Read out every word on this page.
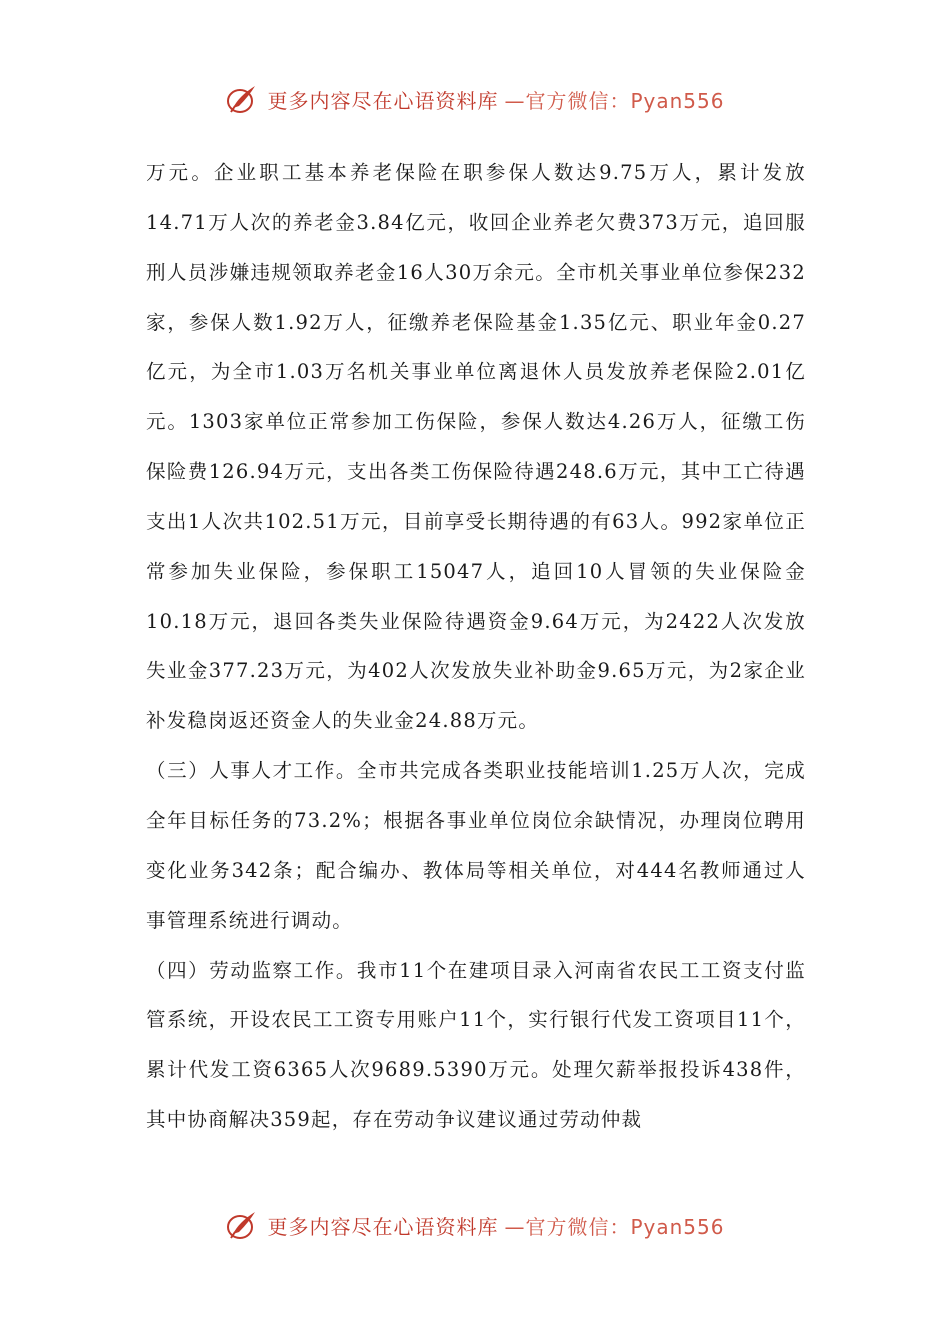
更多内容尽在心语资料库 —官方微信：Pyan556

万元。企业职工基本养老保险在职参保人数达9.75万人，累计发放14.71万人次的养老金3.84亿元，收回企业养老欠费373万元，追回服刑人员涉嫌违规领取养老金16人30万余元。全市机关事业单位参保232家，参保人数1.92万人，征缴养老保险基金1.35亿元、职业年金0.27亿元，为全市1.03万名机关事业单位离退休人员发放养老保险2.01亿元。1303家单位正常参加工伤保险，参保人数达4.26万人，征缴工伤保险费126.94万元，支出各类工伤保险待遇248.6万元，其中工亡待遇支出1人次共102.51万元，目前享受长期待遇的有63人。992家单位正常参加失业保险，参保职工15047人，追回10人冒领的失业保险金10.18万元，退回各类失业保险待遇资金9.64万元，为2422人次发放失业金377.23万元，为402人次发放失业补助金9.65万元，为2家企业补发稳岗返还资金人的失业金24.88万元。

（三）人事人才工作。全市共完成各类职业技能培训1.25万人次，完成全年目标任务的73.2%；根据各事业单位岗位余缺情况，办理岗位聘用变化业务342条；配合编办、教体局等相关单位，对444名教师通过人事管理系统进行调动。

（四）劳动监察工作。我市11个在建项目录入河南省农民工工资支付监管系统，开设农民工工资专用账户11个，实行银行代发工资项目11个，累计代发工资6365人次9689.5390万元。处理欠薪举报投诉438件，其中协商解决359起，存在劳动争议建议通过劳动仲裁

更多内容尽在心语资料库 —官方微信：Pyan556
